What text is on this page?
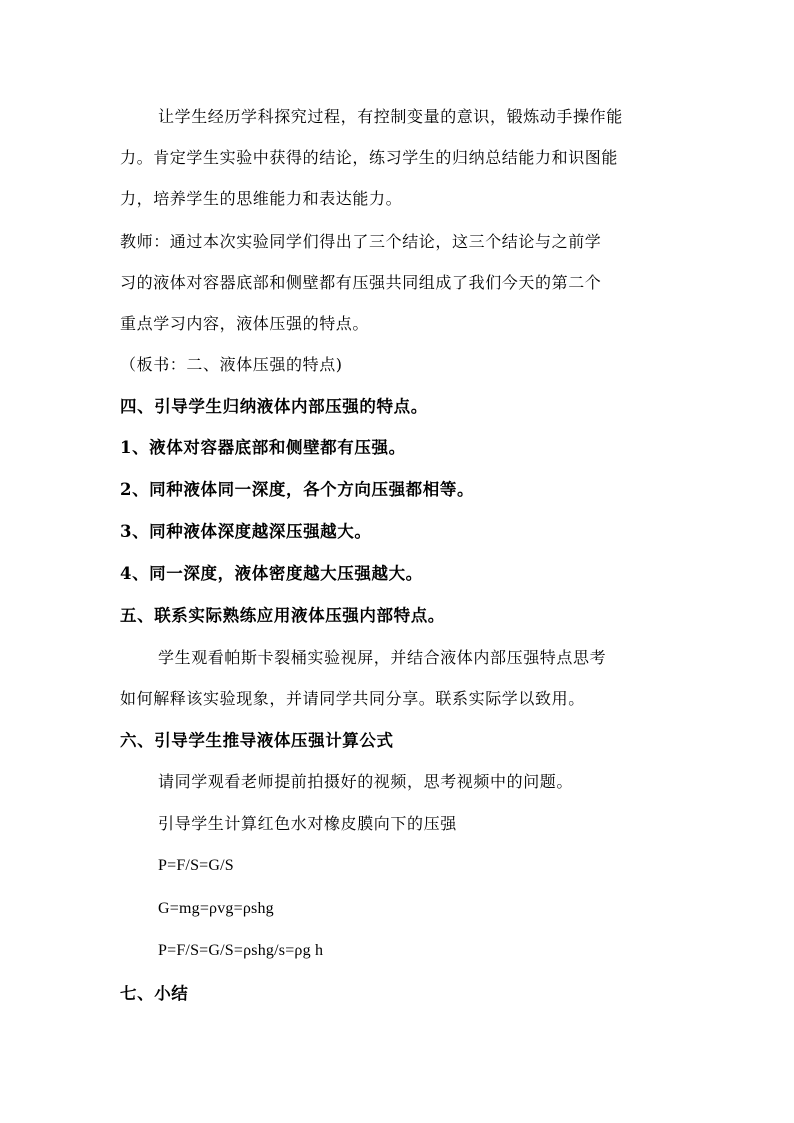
让学生经历学科探究过程，有控制变量的意识，锻炼动手操作能

力。肯定学生实验中获得的结论，练习学生的归纳总结能力和识图能

力，培养学生的思维能力和表达能力。

教师：通过本次实验同学们得出了三个结论，这三个结论与之前学

习的液体对容器底部和侧壁都有压强共同组成了我们今天的第二个

重点学习内容，液体压强的特点。

（板书：二、液体压强的特点)

四、引导学生归纳液体内部压强的特点。

1、液体对容器底部和侧壁都有压强。

2、同种液体同一深度，各个方向压强都相等。

3、同种液体深度越深压强越大。

4、同一深度，液体密度越大压强越大。

五、联系实际熟练应用液体压强内部特点。

学生观看帕斯卡裂桶实验视屏，并结合液体内部压强特点思考

如何解释该实验现象，并请同学共同分享。联系实际学以致用。

六、引导学生推导液体压强计算公式

请同学观看老师提前拍摄好的视频，思考视频中的问题。

引导学生计算红色水对橡皮膜向下的压强

P=F/S=G/S

G=mg=ρvg=ρshg

P=F/S=G/S=ρshg/s=ρg h

七、小结
